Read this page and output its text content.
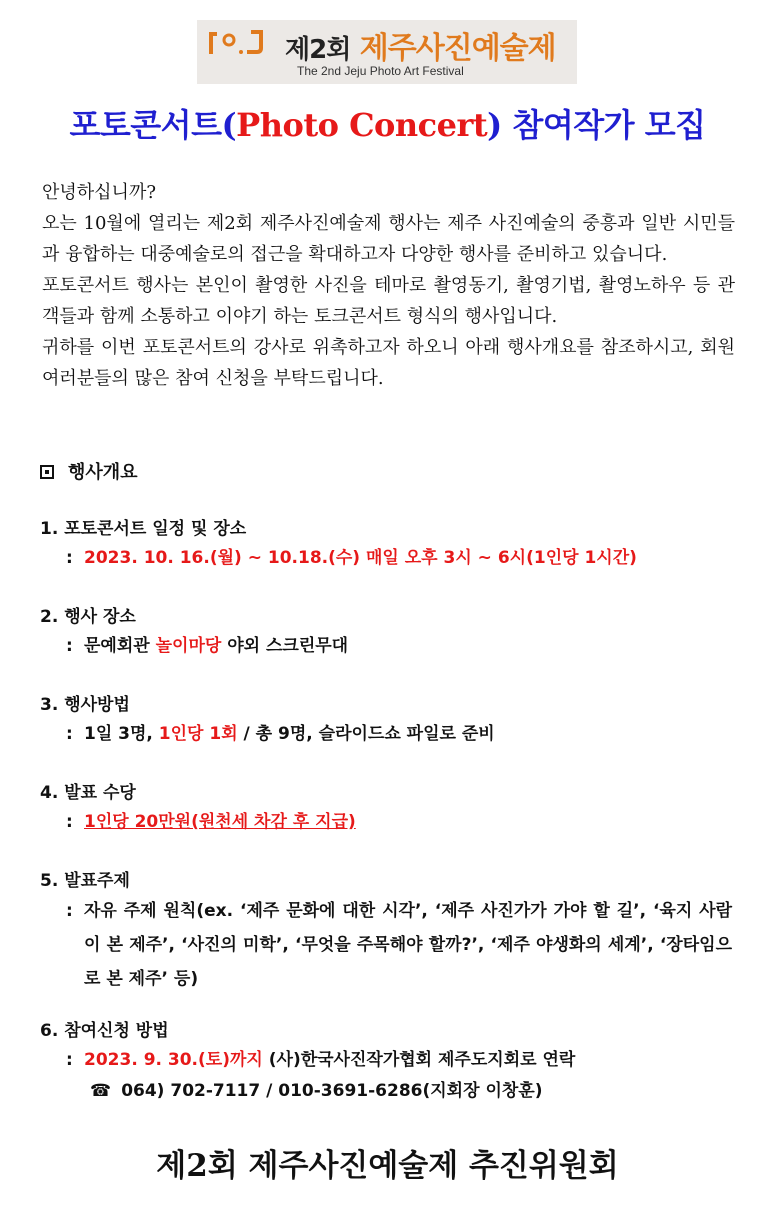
제2회 제주사진예술제
The 2nd Jeju Photo Art Festival
포토콘서트(Photo Concert) 참여작가 모집

안녕하십니까?

오는 10월에 열리는 제2회 제주사진예술제 행사는 제주 사진예술의 중흥과 일반 시민들과 융합하는 대중예술로의 접근을 확대하고자 다양한 행사를 준비하고 있습니다.

포토콘서트 행사는 본인이 촬영한 사진을 테마로 촬영동기, 촬영기법, 촬영노하우 등 관객들과 함께 소통하고 이야기 하는 토크콘서트 형식의 행사입니다.

귀하를 이번 포토콘서트의 강사로 위촉하고자 하오니 아래 행사개요를 참조하시고, 회원 여러분들의 많은 참여 신청을 부탁드립니다.

행사개요
1. 포토콘서트 일정 및 장소
: 2023. 10. 16.(월) ~ 10.18.(수) 매일 오후 3시 ~ 6시(1인당 1시간)
2. 행사 장소
: 문예회관 놀이마당 야외 스크린무대
3. 행사방법
: 1일 3명, 1인당 1회 / 총 9명, 슬라이드쇼 파일로 준비
4. 발표 수당
: 1인당 20만원(원천세 차감 후 지급)
5. 발표주제
: 자유 주제 원칙(ex. ‘제주 문화에 대한 시각’, ‘제주 사진가가 가야 할 길’, ‘육지 사람이 본 제주’, ‘사진의 미학’, ‘무엇을 주목해야 할까?’, ‘제주 야생화의 세계’, ‘장타임으로 본 제주’ 등)
6. 참여신청 방법
: 2023. 9. 30.(토)까지 (사)한국사진작가협회 제주도지회로 연락
☎ 064) 702-7117 / 010-3691-6286(지회장 이창훈)
제2회 제주사진예술제 추진위원회
